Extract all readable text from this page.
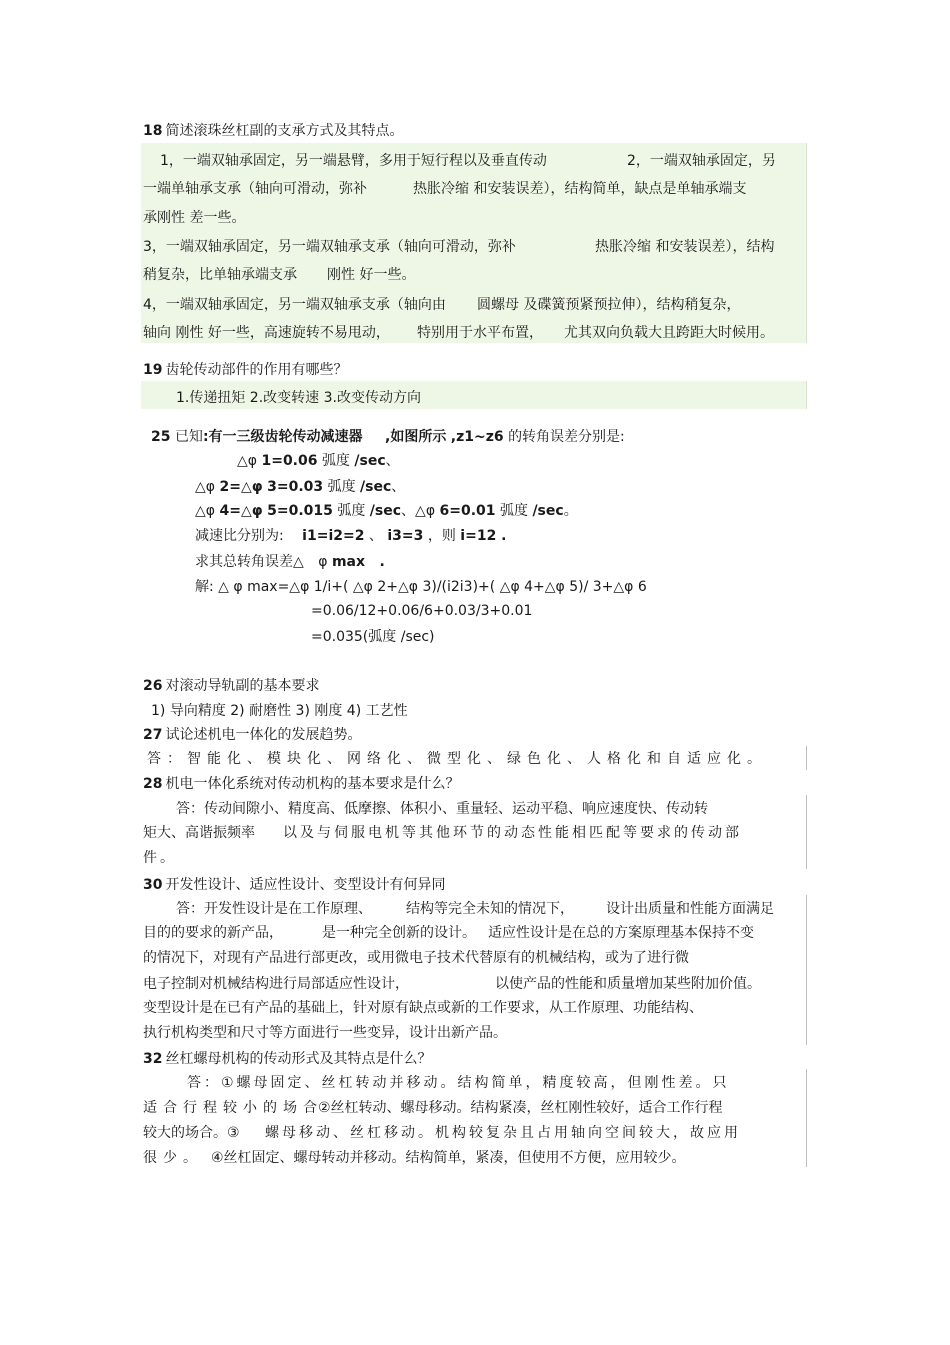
18 简述滚珠丝杠副的支承方式及其特点。
1，一端双轴承固定，另一端悬臂，多用于短行程以及垂直传动	2，一端双轴承固定，另
一端单轴承支承（轴向可滑动，弥补	热胀冷缩 和安装误差），结构简单，缺点是单轴承端支
承刚性 差一些。
3，一端双轴承固定，另一端双轴承支承（轴向可滑动，弥补	热胀冷缩 和安装误差），结构
稍复杂，比单轴承端支承 刚性 好一些。
4，一端双轴承固定，另一端双轴承支承（轴向由 圆螺母 及碟簧预紧预拉伸），结构稍复杂，
轴向 刚性 好一些，高速旋转不易甩动， 特别用于水平布置， 尤其双向负载大且跨距大时候用。
19 齿轮传动部件的作用有哪些？
1.传递扭矩 2.改变转速 3.改变传动方向
25 已知:有一三级齿轮传动减速器 ,如图所示 ,z1~z6 的转角误差分别是:
△φ 1=0.06 弧度 /sec、
△φ 2=△φ 3=0.03 弧度 /sec、
△φ 4=△φ 5=0.015 弧度 /sec、△φ 6=0.01 弧度 /sec。
减速比分别为: i1=i2=2 、 i3=3 ，则 i=12 .
求其总转角误差△ φ max .
解: △ φ max=△φ 1/i+( △φ 2+△φ 3)/(i2i3)+( △φ 4+△φ 5)/ 3+△φ 6
=0.06/12+0.06/6+0.03/3+0.01
=0.035(弧度 /sec)
26 对滚动导轨副的基本要求
1) 导向精度 2) 耐磨性 3) 刚度 4) 工艺性
27 试论述机电一体化的发展趋势。
答：智能化、模块化、网络化、微型化、绿色化、人格化和自适应化。
28 机电一体化系统对传动机构的基本要求是什么？
答：传动间隙小、精度高、低摩擦、体积小、重量轻、运动平稳、响应速度快、传动转
矩大、高谐振频率 以及与伺服电机等其他环节的动态性能相匹配等要求的传动部
件。
30 开发性设计、适应性设计、变型设计有何异同
答：开发性设计是在工作原理、 结构等完全未知的情况下， 设计出质量和性能方面满足
目的的要求的新产品，	是一种完全创新的设计。 适应性设计是在总的方案原理基本保持不变
的情况下，对现有产品进行部更改，或用微电子技术代替原有的机械结构，或为了进行微
电子控制对机械结构进行局部适应性设计，	以使产品的性能和质量增加某些附加价值。
变型设计是在已有产品的基础上，针对原有缺点或新的工作要求，从工作原理、功能结构、
执行机构类型和尺寸等方面进行一些变异，设计出新产品。
32 丝杠螺母机构的传动形式及其特点是什么？
答：①螺母固定、丝杠转动并移动。结构简单，精度较高，但刚性差。只
适合行程较小的场合
②丝杠转动、螺母移动。结构紧凑，丝杠刚性较好，适合工作行程
较大的场合。③ 螺母移动、丝杠移动。机构较复杂且占用轴向空间较大，故应用
很少。 ④丝杠固定、螺母转动并移动。结构简单，紧凑，但使用不方便，应用较少。
